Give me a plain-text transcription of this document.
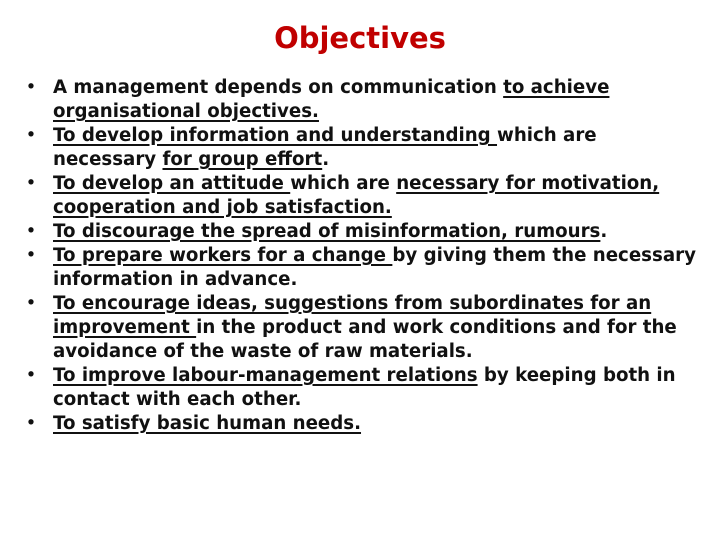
Objectives
• A management depends on communication to achieve organisational objectives.
• To develop information and understanding which are necessary for group effort.
• To develop an attitude which are necessary for motivation, cooperation and job satisfaction.
• To discourage the spread of misinformation, rumours.
• To prepare workers for a change by giving them the necessary information in advance.
• To encourage ideas, suggestions from subordinates for an improvement in the product and work conditions and for the avoidance of the waste of raw materials.
• To improve labour-management relations by keeping both in contact with each other.
• To satisfy basic human needs.
